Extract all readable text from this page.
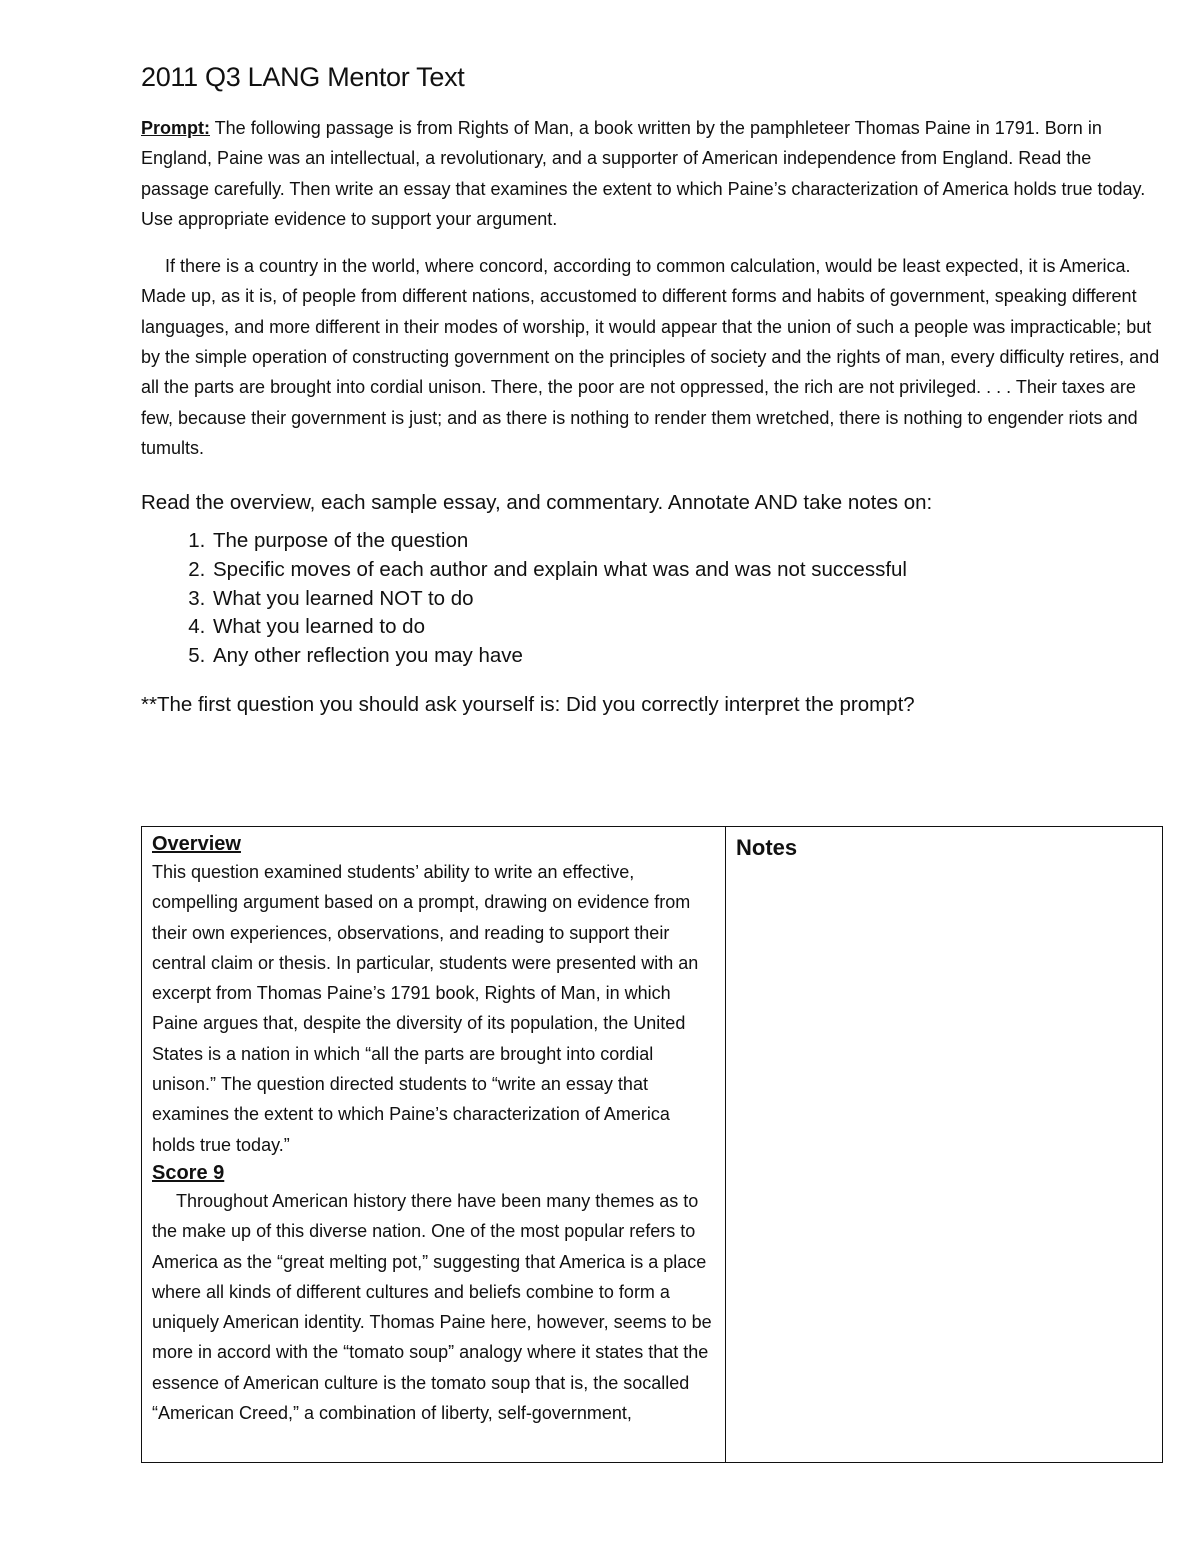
2011 Q3 LANG Mentor Text

Prompt: The following passage is from Rights of Man, a book written by the pamphleteer Thomas Paine in 1791. Born in England, Paine was an intellectual, a revolutionary, and a supporter of American independence from England. Read the passage carefully. Then write an essay that examines the extent to which Paine’s characterization of America holds true today. Use appropriate evidence to support your argument.

If there is a country in the world, where concord, according to common calculation, would be least expected, it is America. Made up, as it is, of people from different nations, accustomed to different forms and habits of government, speaking different languages, and more different in their modes of worship, it would appear that the union of such a people was impracticable; but by the simple operation of constructing government on the principles of society and the rights of man, every difficulty retires, and all the parts are brought into cordial unison. There, the poor are not oppressed, the rich are not privileged. . . . Their taxes are few, because their government is just; and as there is nothing to render them wretched, there is nothing to engender riots and tumults.

Read the overview, each sample essay, and commentary. Annotate AND take notes on:

1. The purpose of the question
2. Specific moves of each author and explain what was and was not successful
3. What you learned NOT to do
4. What you learned to do
5. Any other reflection you may have

**The first question you should ask yourself is: Did you correctly interpret the prompt?

Overview

This question examined students’ ability to write an effective, compelling argument based on a prompt, drawing on evidence from their own experiences, observations, and reading to support their central claim or thesis. In particular, students were presented with an excerpt from Thomas Paine’s 1791 book, Rights of Man, in which Paine argues that, despite the diversity of its population, the United States is a nation in which “all the parts are brought into cordial unison.” The question directed students to “write an essay that examines the extent to which Paine’s characterization of America holds true today.”

Score 9

Throughout American history there have been many themes as to the make up of this diverse nation. One of the most popular refers to America as the “great melting pot,” suggesting that America is a place where all kinds of different cultures and beliefs combine to form a uniquely American identity. Thomas Paine here, however, seems to be more in accord with the “tomato soup” analogy where it states that the essence of American culture is the tomato soup that is, the socalled “American Creed,” a combination of liberty, self-government,

Notes
